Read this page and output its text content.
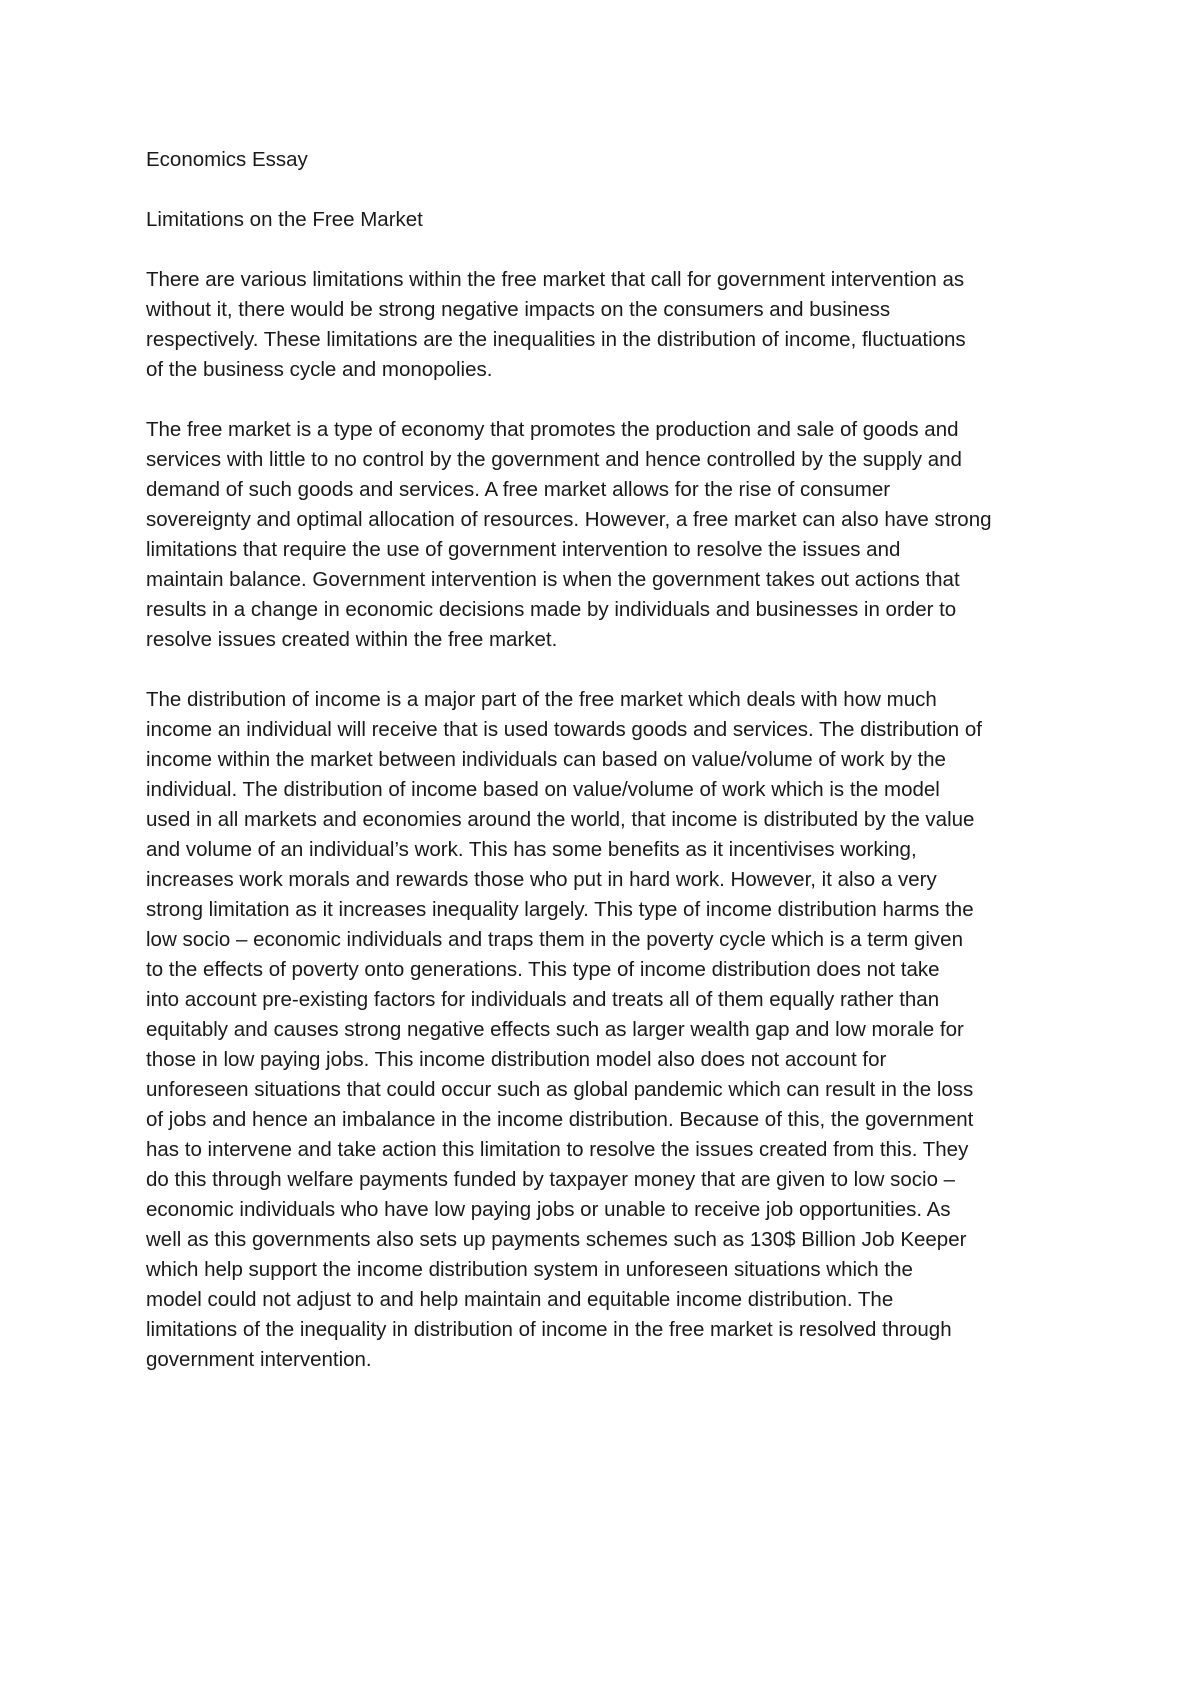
Economics Essay

Limitations on the Free Market

There are various limitations within the free market that call for government intervention as
without it, there would be strong negative impacts on the consumers and business
respectively. These limitations are the inequalities in the distribution of income, fluctuations
of the business cycle and monopolies.

The free market is a type of economy that promotes the production and sale of goods and
services with little to no control by the government and hence controlled by the supply and
demand of such goods and services. A free market allows for the rise of consumer
sovereignty and optimal allocation of resources. However, a free market can also have strong
limitations that require the use of government intervention to resolve the issues and
maintain balance. Government intervention is when the government takes out actions that
results in a change in economic decisions made by individuals and businesses in order to
resolve issues created within the free market.

The distribution of income is a major part of the free market which deals with how much
income an individual will receive that is used towards goods and services. The distribution of
income within the market between individuals can based on value/volume of work by the
individual. The distribution of income based on value/volume of work which is the model
used in all markets and economies around the world, that income is distributed by the value
and volume of an individual’s work. This has some benefits as it incentivises working,
increases work morals and rewards those who put in hard work. However, it also a very
strong limitation as it increases inequality largely. This type of income distribution harms the
low socio – economic individuals and traps them in the poverty cycle which is a term given
to the effects of poverty onto generations. This type of income distribution does not take
into account pre-existing factors for individuals and treats all of them equally rather than
equitably and causes strong negative effects such as larger wealth gap and low morale for
those in low paying jobs. This income distribution model also does not account for
unforeseen situations that could occur such as global pandemic which can result in the loss
of jobs and hence an imbalance in the income distribution. Because of this, the government
has to intervene and take action this limitation to resolve the issues created from this. They
do this through welfare payments funded by taxpayer money that are given to low socio –
economic individuals who have low paying jobs or unable to receive job opportunities. As
well as this governments also sets up payments schemes such as 130$ Billion Job Keeper
which help support the income distribution system in unforeseen situations which the
model could not adjust to and help maintain and equitable income distribution. The
limitations of the inequality in distribution of income in the free market is resolved through
government intervention.
